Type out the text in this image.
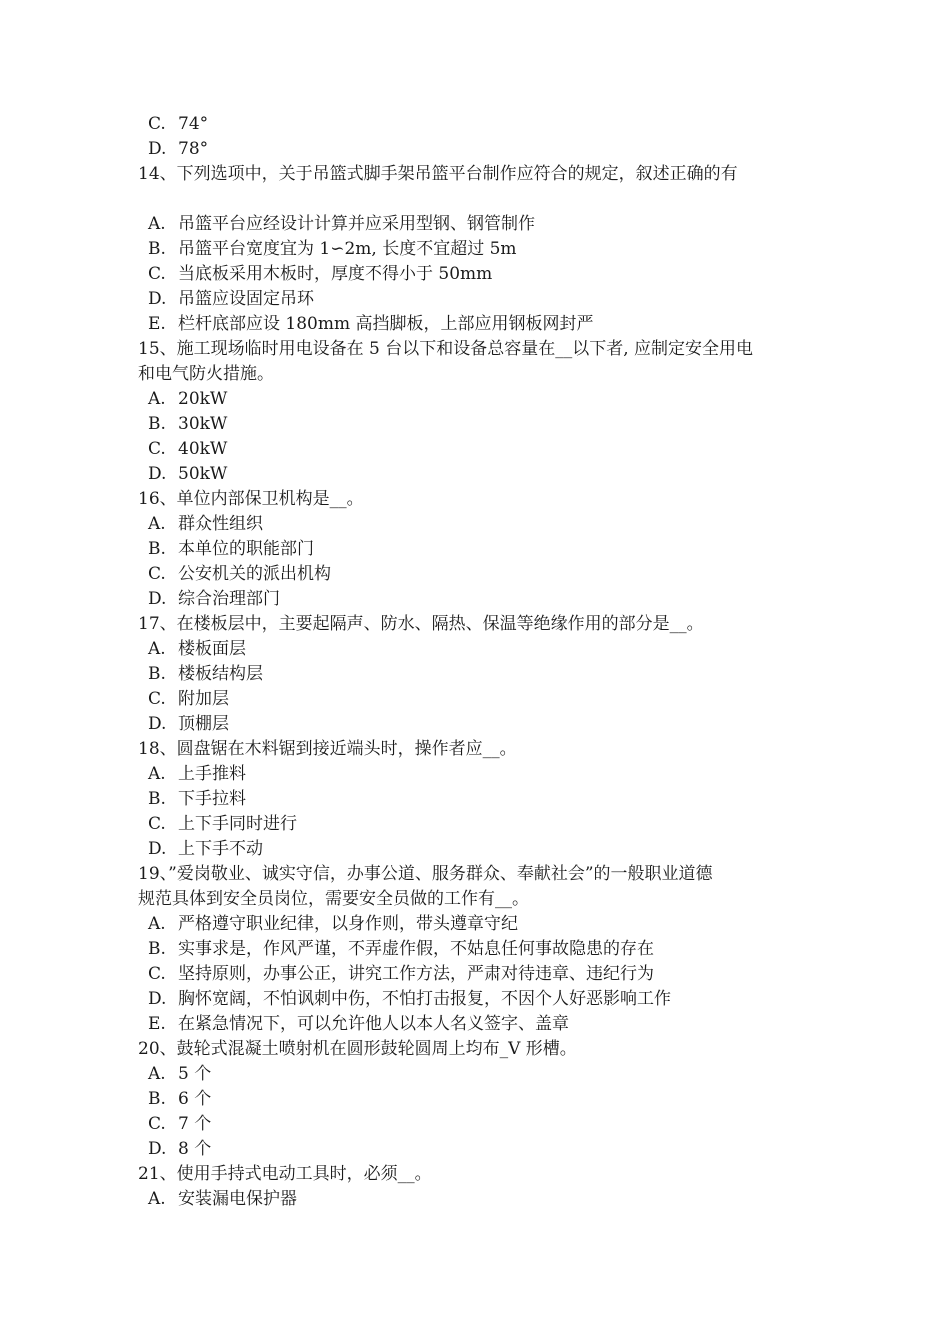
C. 74°
D. 78°
14、下列选项中，关于吊篮式脚手架吊篮平台制作应符合的规定，叙述正确的有
A. 吊篮平台应经设计计算并应采用型钢、钢管制作
B. 吊篮平台宽度宜为 1∽2m, 长度不宜超过 5m
C. 当底板采用木板时，厚度不得小于 50mm
D. 吊篮应设固定吊环
E. 栏杆底部应设 180mm 高挡脚板，上部应用钢板网封严
15、施工现场临时用电设备在 5 台以下和设备总容量在__以下者, 应制定安全用电
和电气防火措施。
A. 20kW
B. 30kW
C. 40kW
D. 50kW
16、单位内部保卫机构是__。
A. 群众性组织
B. 本单位的职能部门
C. 公安机关的派出机构
D. 综合治理部门
17、在楼板层中，主要起隔声、防水、隔热、保温等绝缘作用的部分是__。
A. 楼板面层
B. 楼板结构层
C. 附加层
D. 顶棚层
18、圆盘锯在木料锯到接近端头时，操作者应__。
A. 上手推料
B. 下手拉料
C. 上下手同时进行
D. 上下手不动
19、”爱岗敬业、诚实守信，办事公道、服务群众、奉献社会”的一般职业道德
规范具体到安全员岗位，需要安全员做的工作有__。
A. 严格遵守职业纪律，以身作则，带头遵章守纪
B. 实事求是，作风严谨，不弄虚作假，不姑息任何事故隐患的存在
C. 坚持原则，办事公正，讲究工作方法，严肃对待违章、违纪行为
D. 胸怀宽阔，不怕讽刺中伤，不怕打击报复，不因个人好恶影响工作
E. 在紧急情况下，可以允许他人以本人名义签字、盖章
20、鼓轮式混凝土喷射机在圆形鼓轮圆周上均布_V 形槽。
A. 5 个
B. 6 个
C. 7 个
D. 8 个
21、使用手持式电动工具时，必须__。
A. 安装漏电保护器
